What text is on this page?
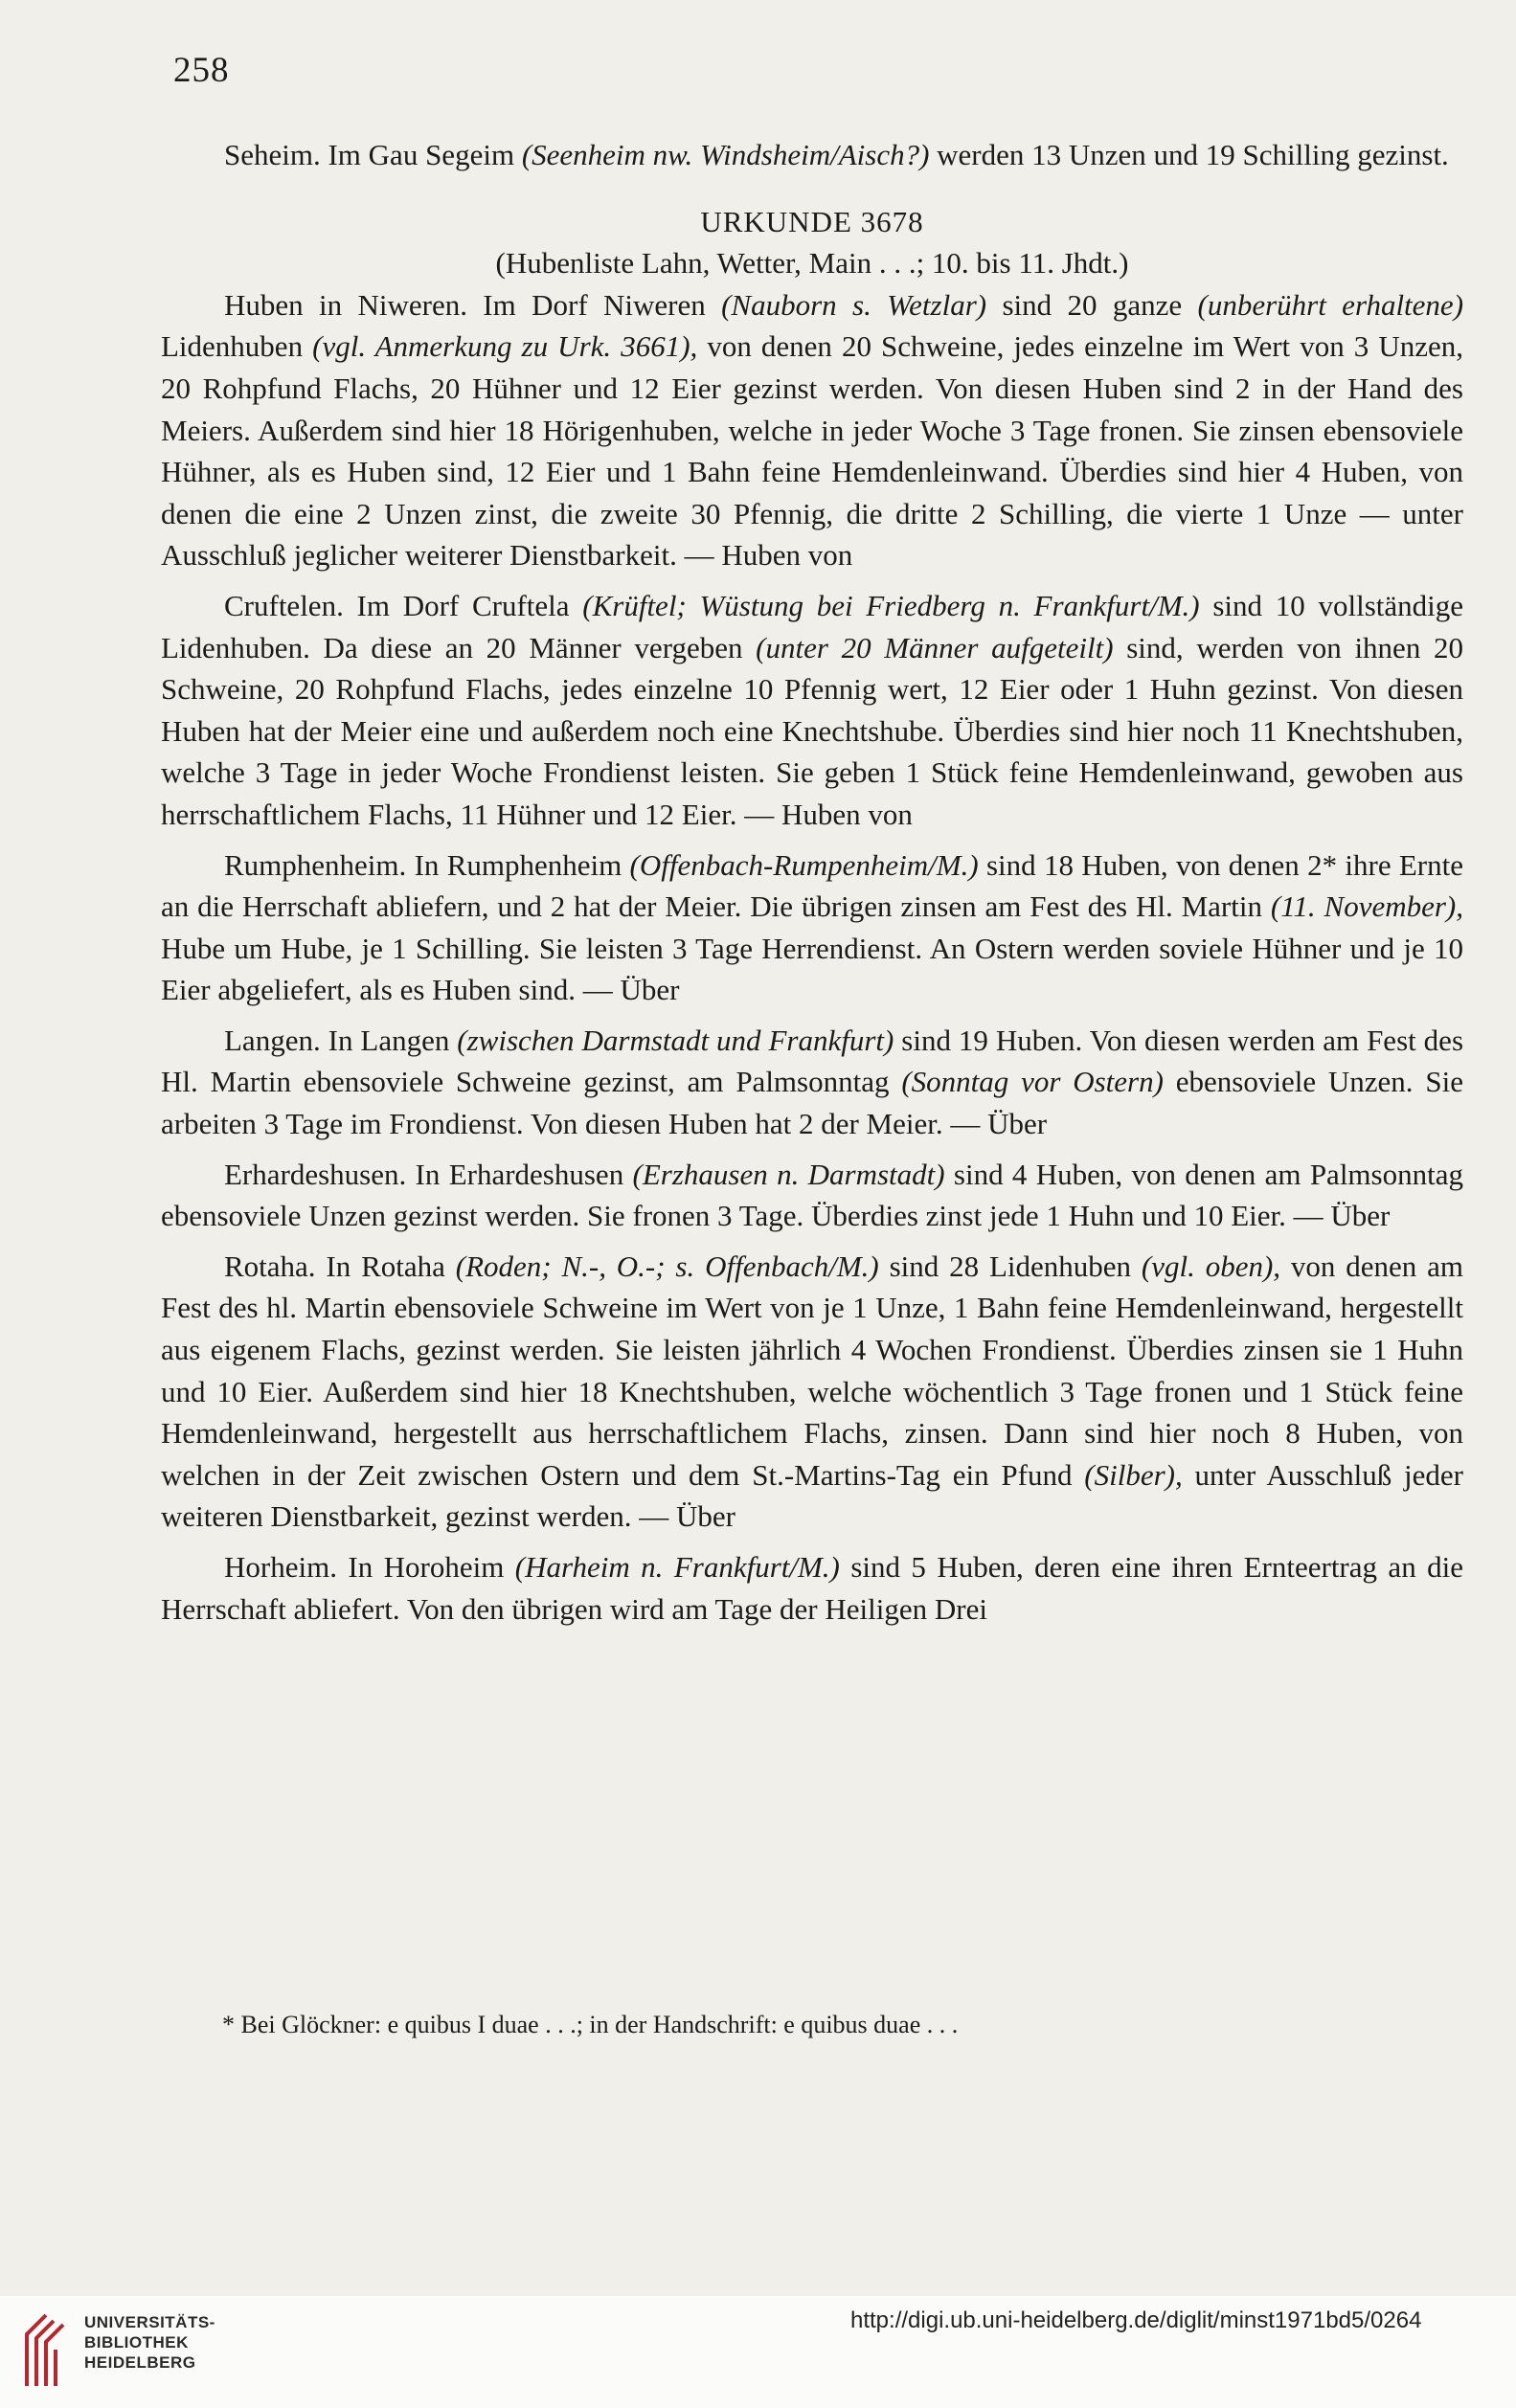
258

Seheim. Im Gau Segeim (Seenheim nw. Windsheim/Aisch?) werden 13 Unzen und 19 Schilling gezinst.

URKUNDE 3678
(Hubenliste Lahn, Wetter, Main . . .; 10. bis 11. Jhdt.)

Huben in Niweren. Im Dorf Niweren (Nauborn s. Wetzlar) sind 20 ganze (unberührt erhaltene) Lidenhuben (vgl. Anmerkung zu Urk. 3661), von denen 20 Schweine, jedes einzelne im Wert von 3 Unzen, 20 Rohpfund Flachs, 20 Hühner und 12 Eier gezinst werden. Von diesen Huben sind 2 in der Hand des Meiers. Außerdem sind hier 18 Hörigenhuben, welche in jeder Woche 3 Tage fronen. Sie zinsen ebensoviele Hühner, als es Huben sind, 12 Eier und 1 Bahn feine Hemdenleinwand. Überdies sind hier 4 Huben, von denen die eine 2 Unzen zinst, die zweite 30 Pfennig, die dritte 2 Schilling, die vierte 1 Unze — unter Ausschluß jeglicher weiterer Dienstbarkeit. — Huben von

Cruftelen. Im Dorf Cruftela (Krüftel; Wüstung bei Friedberg n. Frankfurt/M.) sind 10 vollständige Lidenhuben. Da diese an 20 Männer vergeben (unter 20 Männer aufgeteilt) sind, werden von ihnen 20 Schweine, 20 Rohpfund Flachs, jedes einzelne 10 Pfennig wert, 12 Eier oder 1 Huhn gezinst. Von diesen Huben hat der Meier eine und außerdem noch eine Knechtshube. Überdies sind hier noch 11 Knechtshuben, welche 3 Tage in jeder Woche Frondienst leisten. Sie geben 1 Stück feine Hemdenleinwand, gewoben aus herrschaftlichem Flachs, 11 Hühner und 12 Eier. — Huben von

Rumphenheim. In Rumphenheim (Offenbach-Rumpenheim/M.) sind 18 Huben, von denen 2* ihre Ernte an die Herrschaft abliefern, und 2 hat der Meier. Die übrigen zinsen am Fest des Hl. Martin (11. November), Hube um Hube, je 1 Schilling. Sie leisten 3 Tage Herrendienst. An Ostern werden soviele Hühner und je 10 Eier abgeliefert, als es Huben sind. — Über

Langen. In Langen (zwischen Darmstadt und Frankfurt) sind 19 Huben. Von diesen werden am Fest des Hl. Martin ebensoviele Schweine gezinst, am Palmsonntag (Sonntag vor Ostern) ebensoviele Unzen. Sie arbeiten 3 Tage im Frondienst. Von diesen Huben hat 2 der Meier. — Über

Erhardeshusen. In Erhardeshusen (Erzhausen n. Darmstadt) sind 4 Huben, von denen am Palmsonntag ebensoviele Unzen gezinst werden. Sie fronen 3 Tage. Überdies zinst jede 1 Huhn und 10 Eier. — Über

Rotaha. In Rotaha (Roden; N.-, O.-; s. Offenbach/M.) sind 28 Lidenhuben (vgl. oben), von denen am Fest des hl. Martin ebensoviele Schweine im Wert von je 1 Unze, 1 Bahn feine Hemdenleinwand, hergestellt aus eigenem Flachs, gezinst werden. Sie leisten jährlich 4 Wochen Frondienst. Überdies zinsen sie 1 Huhn und 10 Eier. Außerdem sind hier 18 Knechtshuben, welche wöchentlich 3 Tage fronen und 1 Stück feine Hemdenleinwand, hergestellt aus herrschaftlichem Flachs, zinsen. Dann sind hier noch 8 Huben, von welchen in der Zeit zwischen Ostern und dem St.-Martins-Tag ein Pfund (Silber), unter Ausschluß jeder weiteren Dienstbarkeit, gezinst werden. — Über

Horheim. In Horoheim (Harheim n. Frankfurt/M.) sind 5 Huben, deren eine ihren Ernteertrag an die Herrschaft abliefert. Von den übrigen wird am Tage der Heiligen Drei

* Bei Glöckner: e quibus I duae . . .; in der Handschrift: e quibus duae . . .
UNIVERSITÄTS-
BIBLIOTHEK
HEIDELBERG
http://digi.ub.uni-heidelberg.de/diglit/minst1971bd5/0264
